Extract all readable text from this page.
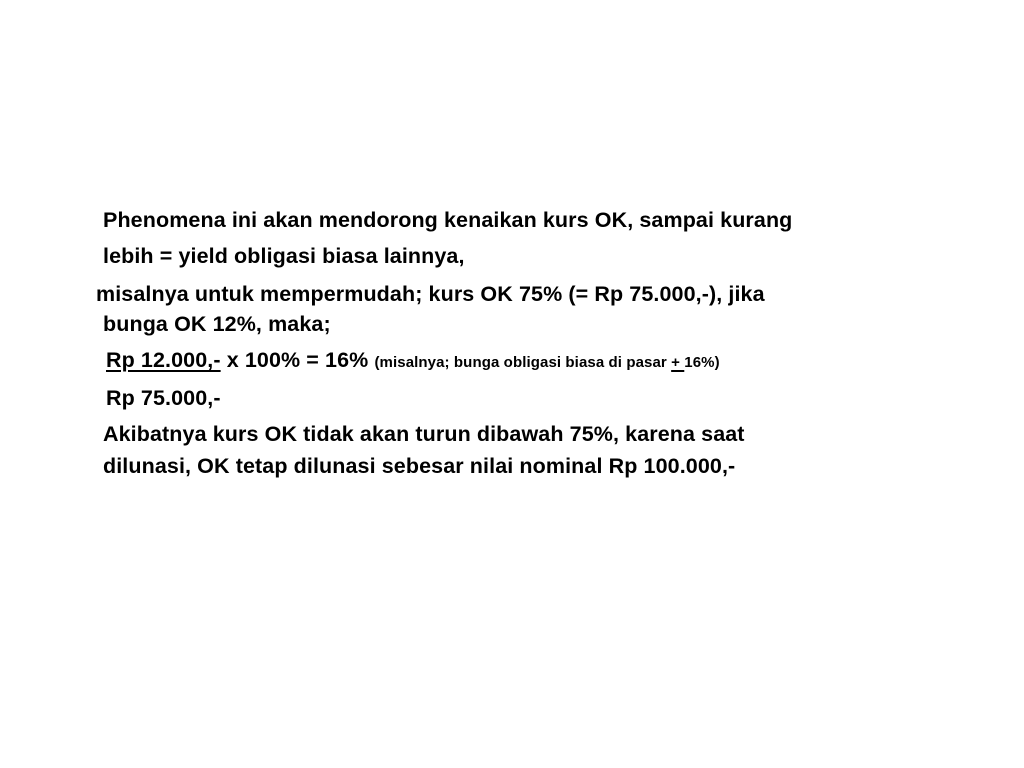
Phenomena ini akan mendorong kenaikan kurs OK, sampai kurang
lebih = yield obligasi biasa lainnya,
misalnya untuk mempermudah; kurs OK 75% (= Rp 75.000,-), jika
bunga OK 12%, maka;
Rp 12.000,- x 100% = 16% (misalnya; bunga obligasi biasa di pasar + 16%)
Rp 75.000,-
Akibatnya kurs OK tidak akan turun dibawah 75%, karena saat
dilunasi, OK tetap dilunasi sebesar nilai nominal Rp 100.000,-
